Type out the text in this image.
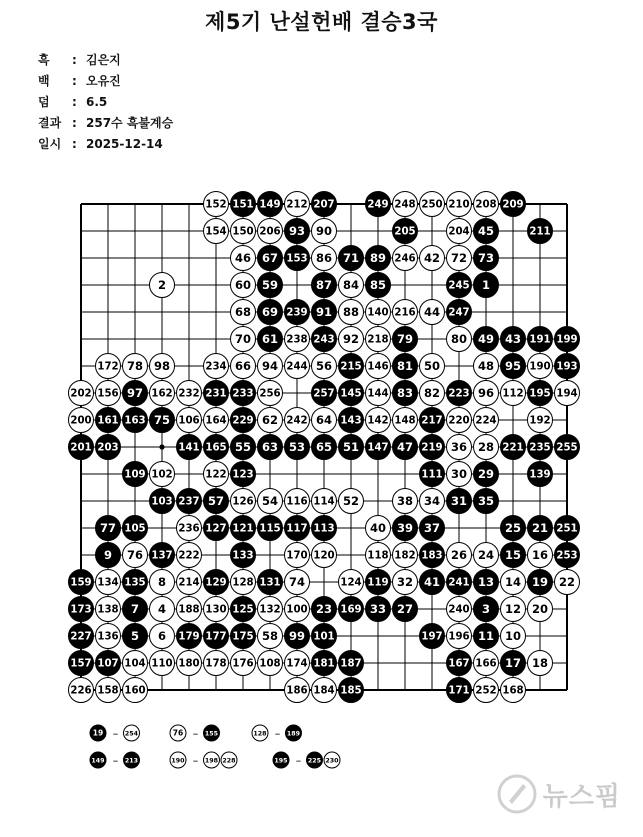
제5기 난설헌배 결승3국
흑 : 김은지
백 : 오유진
덤 : 6.5
결과 : 257수 흑불계승
일시 : 2025-12-14
152 151 149 212 207	249 248 250 210 208 209
154 150 206 93 90	205	204 45	211
46 67 153 86 71 89 246 42 72 73
2	60 59	87 84 85	245 1
68 69 239 91 88 140 216 44 247
70 61 238 243 92 218 79	80 49 43 191 199
172 78 98	234 66 94 244 56 215 146 81 50	48 95 190 193
202 156 97 162 232 231 233 256	257 145 144 83 82 223 96 112 195 194
200 161 163 75 106 164 229 62 242 64 143 142 148 217 220 224	192
201 203	141 165 55 63 53 65 51 147 47 219 36 28 221 235 255
109 102	122 123	111 30 29	139
103 237 57 126 54 116 114 52	38 34 31 35
77 105	236 127 121 115 117 113	40 39 37	25 21 251
9 76 137 222	133	170 120	118 182 183 26 24 15 16 253
159 134 135 8 214 129 128 131 74	124 119 32 41 241 13 14 19 22
173 138 7 4 188 130 125 132 100 23 169 33 27	240 3 12 20
227 136 5 6 179 177 175 58 99 101	197 196 11 10
157 107 104 110 180 178 176 108 174 181 187	167 166 17 18
226 158 160	186 184 185	171 252 168
19 – 254	76 – 155	128 – 189
149 – 213	190 – 198 228	195 – 225 230
뉴스핌
